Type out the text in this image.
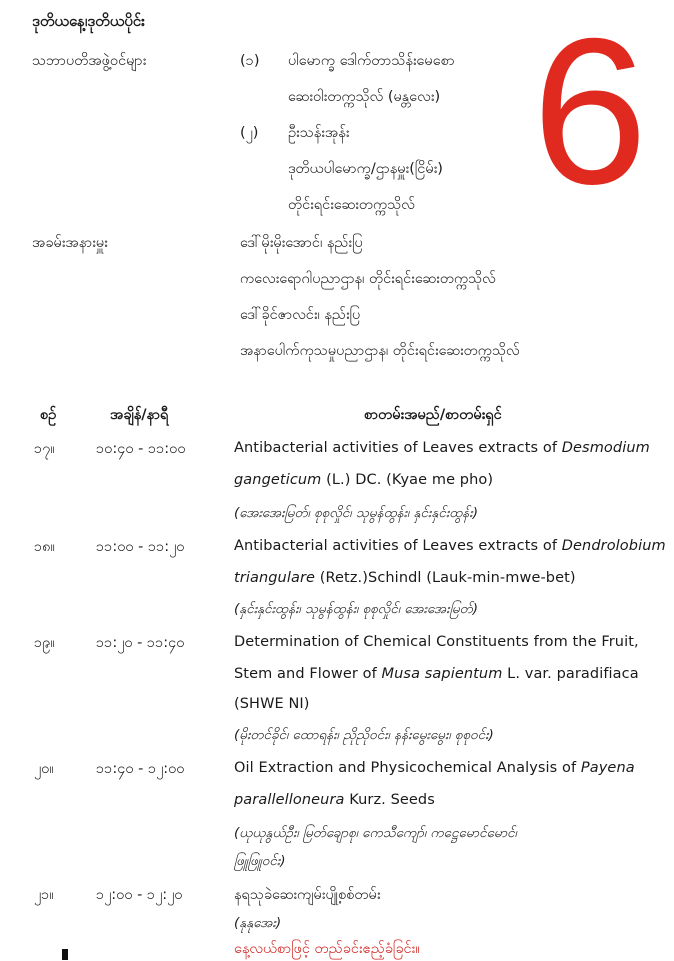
ဒုတိယနေ့၊ဒုတိယပိုင်း 6
သဘာပတိအဖွဲ့ဝင်များ	(၁) ပါမောက္ခ ဒေါက်တာသိန်းမေစော
ဆေးဝါးတက္ကသိုလ် (မန္တလေး)
(၂) ဦးသန်းအုန်း
ဒုတိယပါမောက္ခ/ဌာနမှူး(ငြိမ်း)
တိုင်းရင်းဆေးတက္ကသိုလ်
အခမ်းအနားမှူး	ဒေါ်မိုးမိုးအောင်၊ နည်းပြ
ကလေးရောဂါပညာဌာန၊ တိုင်းရင်းဆေးတက္ကသိုလ်
ဒေါ်ခိုင်ဇာလင်း၊ နည်းပြ
အနာပေါက်ကုသမှုပညာဌာန၊ တိုင်းရင်းဆေးတက္ကသိုလ်
စဉ်	အချိန်/နာရီ	စာတမ်းအမည်/စာတမ်းရှင်
၁၇။	၁၀:၄၀ - ၁၁:၀၀	Antibacterial activities of Leaves extracts of Desmodium
gangeticum (L.) DC. (Kyae me pho)
(အေးအေးမြတ်၊ စုစုလှိုင်၊ သုမွန်ထွန်း၊ နှင်းနှင်းထွန်း)
၁၈။	၁၁:၀၀ - ၁၁:၂၀	Antibacterial activities of Leaves extracts of Dendrolobium
triangulare (Retz.)Schindl (Lauk-min-mwe-bet)
(နှင်းနှင်းထွန်း၊ သုမွန်ထွန်း၊ စုစုလှိုင်၊ အေးအေးမြတ်)
၁၉။	၁၁:၂၀ - ၁၁:၄၀	Determination of Chemical Constituents from the Fruit,
Stem and Flower of Musa sapientum L. var. paradifiaca
(SHWE NI)
(မိုးတင်ခိုင်၊ ထောရန်း၊ ညိုညိုဝင်း၊ နန်းမွေးမွေး၊ စုစုဝင်း)
၂၀။	၁၁:၄၀ - ၁၂:၀၀	Oil Extraction and Physicochemical Analysis of Payena
parallelloneura Kurz. Seeds
(ယုယုနွယ်ဦး၊ မြတ်ချောစု၊ ကေသီကျော်၊ ကဋ္ဌေမောင်မောင်၊
ဖြူဖြူဝင်း)
၂၁။	၁၂:၀၀ - ၁၂:၂၀	နရသုခဲဆေးကျမ်းပျို့စစ်တမ်း
(နုနုအေး)
နေ့လယ်စာဖြင့် တည်ခင်းဧည့်ခံခြင်း။
